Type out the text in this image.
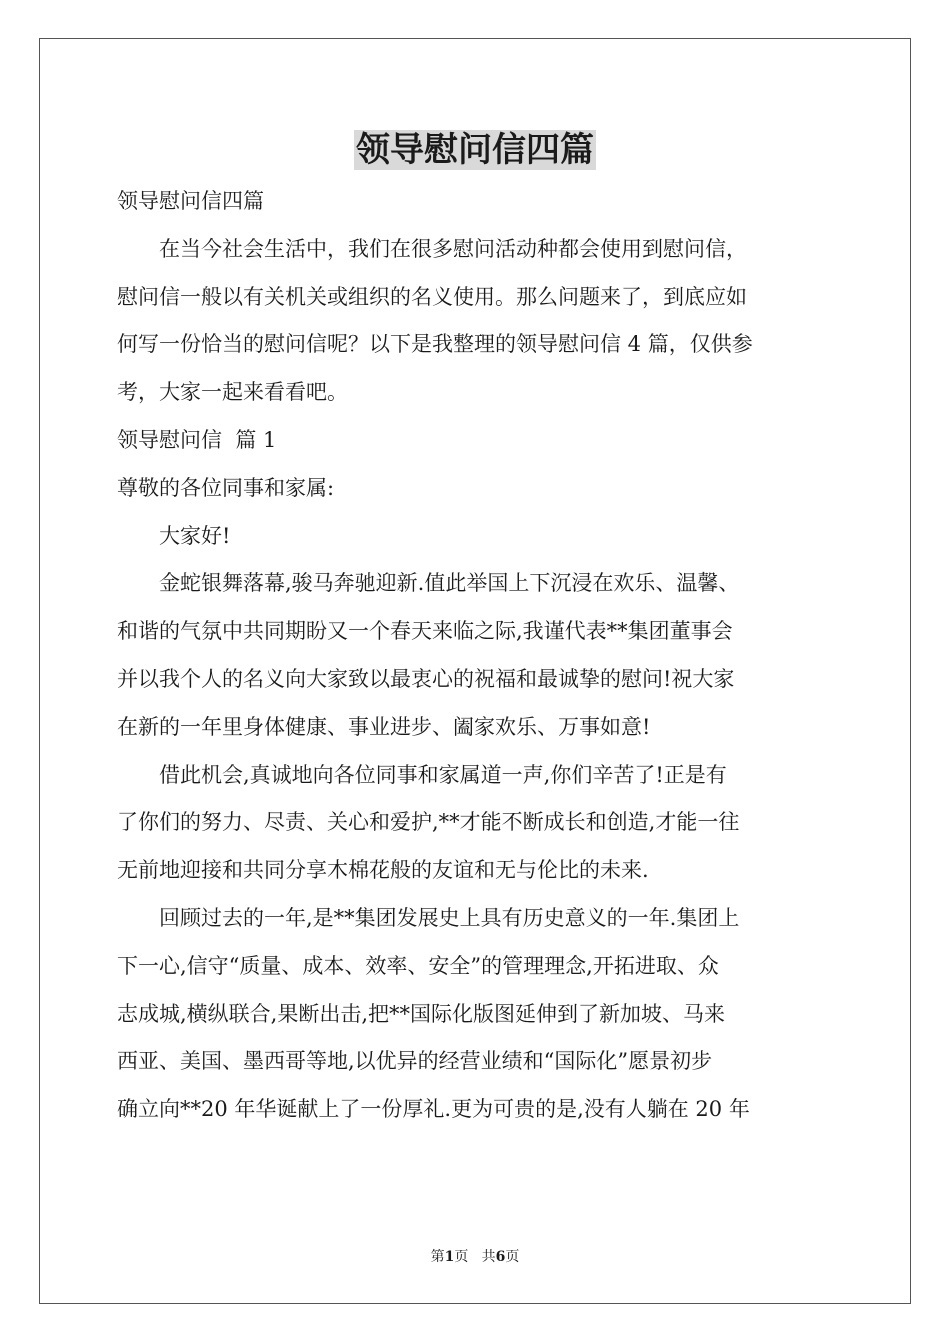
领导慰问信四篇

领导慰问信四篇

在当今社会生活中，我们在很多慰问活动种都会使用到慰问信，
慰问信一般以有关机关或组织的名义使用。那么问题来了，到底应如
何写一份恰当的慰问信呢？以下是我整理的领导慰问信 4 篇，仅供参
考，大家一起来看看吧。

领导慰问信  篇 1

尊敬的各位同事和家属:

大家好!

金蛇银舞落幕,骏马奔驰迎新.值此举国上下沉浸在欢乐、温馨、
和谐的气氛中共同期盼又一个春天来临之际,我谨代表**集团董事会
并以我个人的名义向大家致以最衷心的祝福和最诚挚的慰问!祝大家
在新的一年里身体健康、事业进步、阖家欢乐、万事如意!

借此机会,真诚地向各位同事和家属道一声,你们辛苦了!正是有
了你们的努力、尽责、关心和爱护,**才能不断成长和创造,才能一往
无前地迎接和共同分享木棉花般的友谊和无与伦比的未来.

回顾过去的一年,是**集团发展史上具有历史意义的一年.集团上
下一心,信守“质量、成本、效率、安全”的管理理念,开拓进取、众
志成城,横纵联合,果断出击,把**国际化版图延伸到了新加坡、马来
西亚、美国、墨西哥等地,以优异的经营业绩和“国际化”愿景初步
确立向**20 年华诞献上了一份厚礼.更为可贵的是,没有人躺在 20 年

第1页 共6页
